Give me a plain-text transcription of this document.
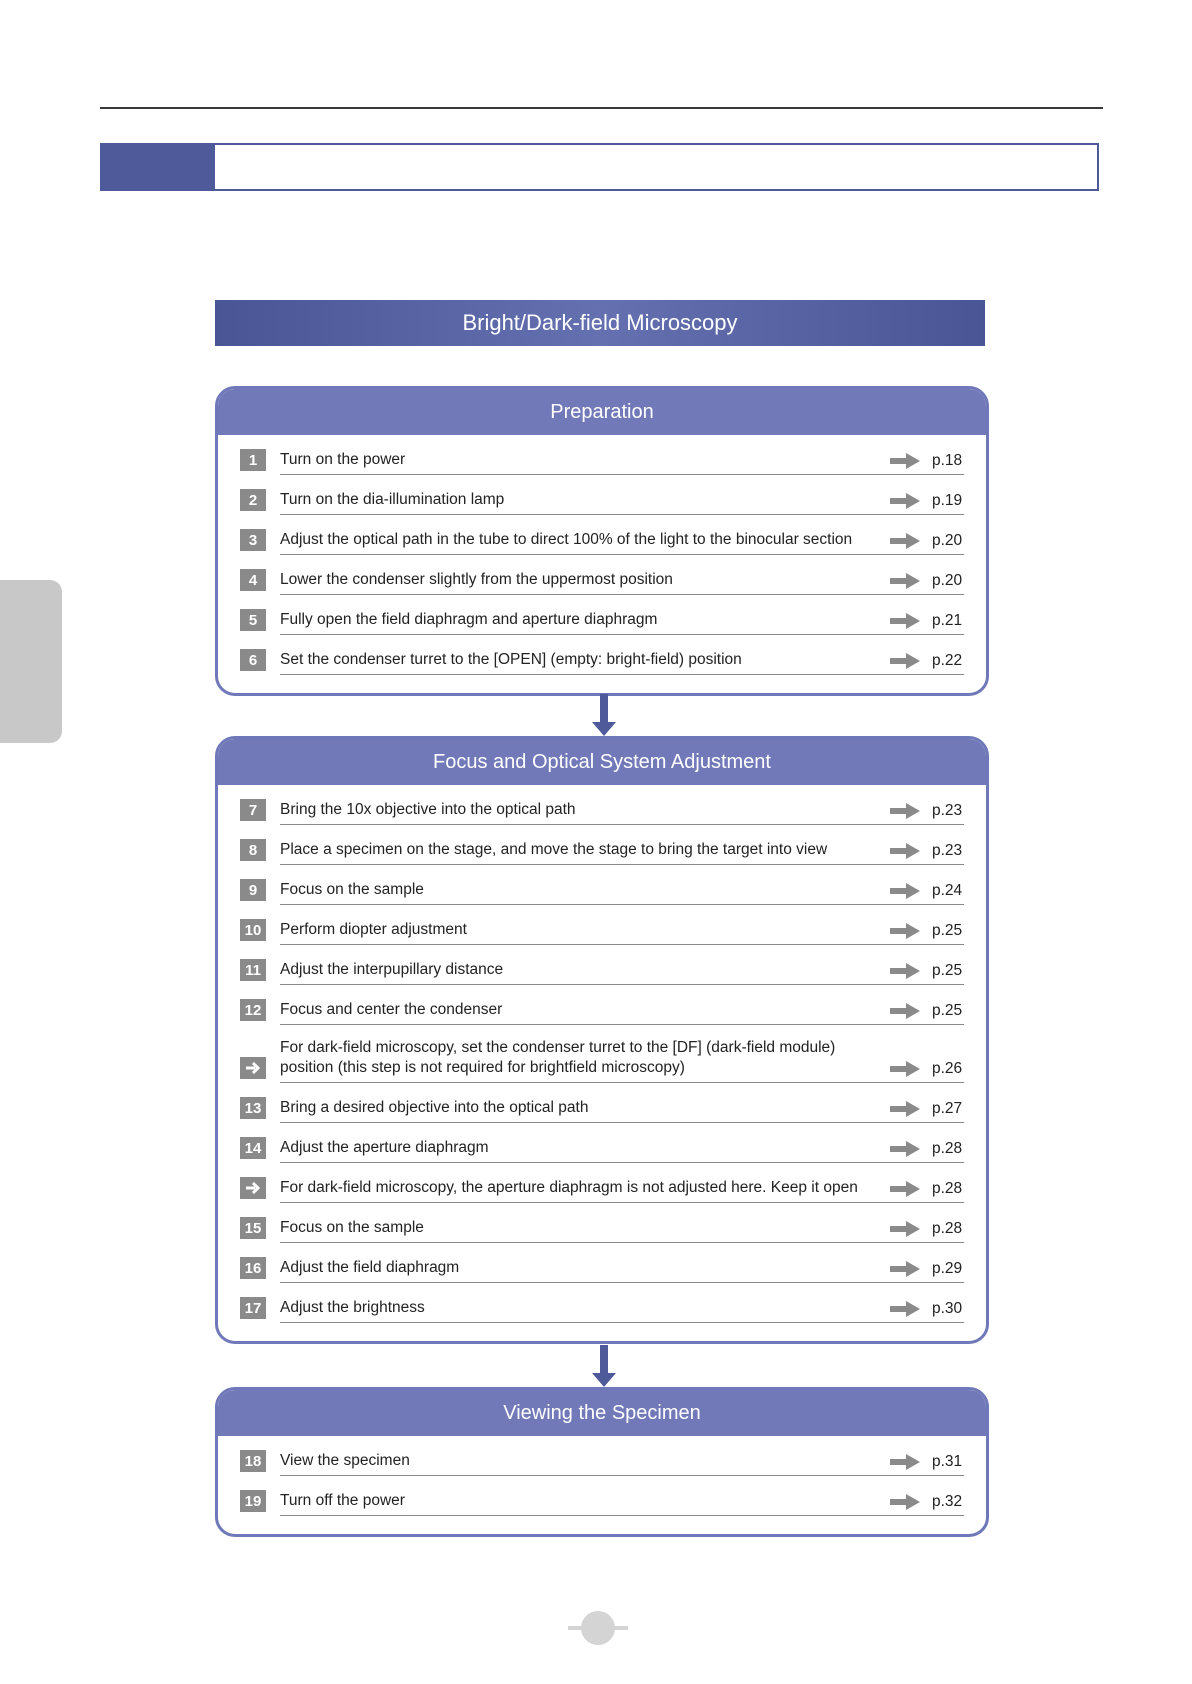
Bright/Dark-field Microscopy
Preparation
1	Turn on the power	p.18
2	Turn on the dia-illumination lamp	p.19
3	Adjust the optical path in the tube to direct 100% of the light to the binocular section	p.20
4	Lower the condenser slightly from the uppermost position	p.20
5	Fully open the field diaphragm and aperture diaphragm	p.21
6	Set the condenser turret to the [OPEN] (empty: bright-field) position	p.22
Focus and Optical System Adjustment
7	Bring the 10x objective into the optical path	p.23
8	Place a specimen on the stage, and move the stage to bring the target into view	p.23
9	Focus on the sample	p.24
10	Perform diopter adjustment	p.25
11	Adjust the interpupillary distance	p.25
12	Focus and center the condenser	p.25
For dark-field microscopy, set the condenser turret to the [DF] (dark-field module)
position (this step is not required for brightfield microscopy)	p.26
13	Bring a desired objective into the optical path	p.27
14	Adjust the aperture diaphragm	p.28
For dark-field microscopy, the aperture diaphragm is not adjusted here. Keep it open	p.28
15	Focus on the sample	p.28
16	Adjust the field diaphragm	p.29
17	Adjust the brightness	p.30
Viewing the Specimen
18	View the specimen	p.31
19	Turn off the power	p.32
